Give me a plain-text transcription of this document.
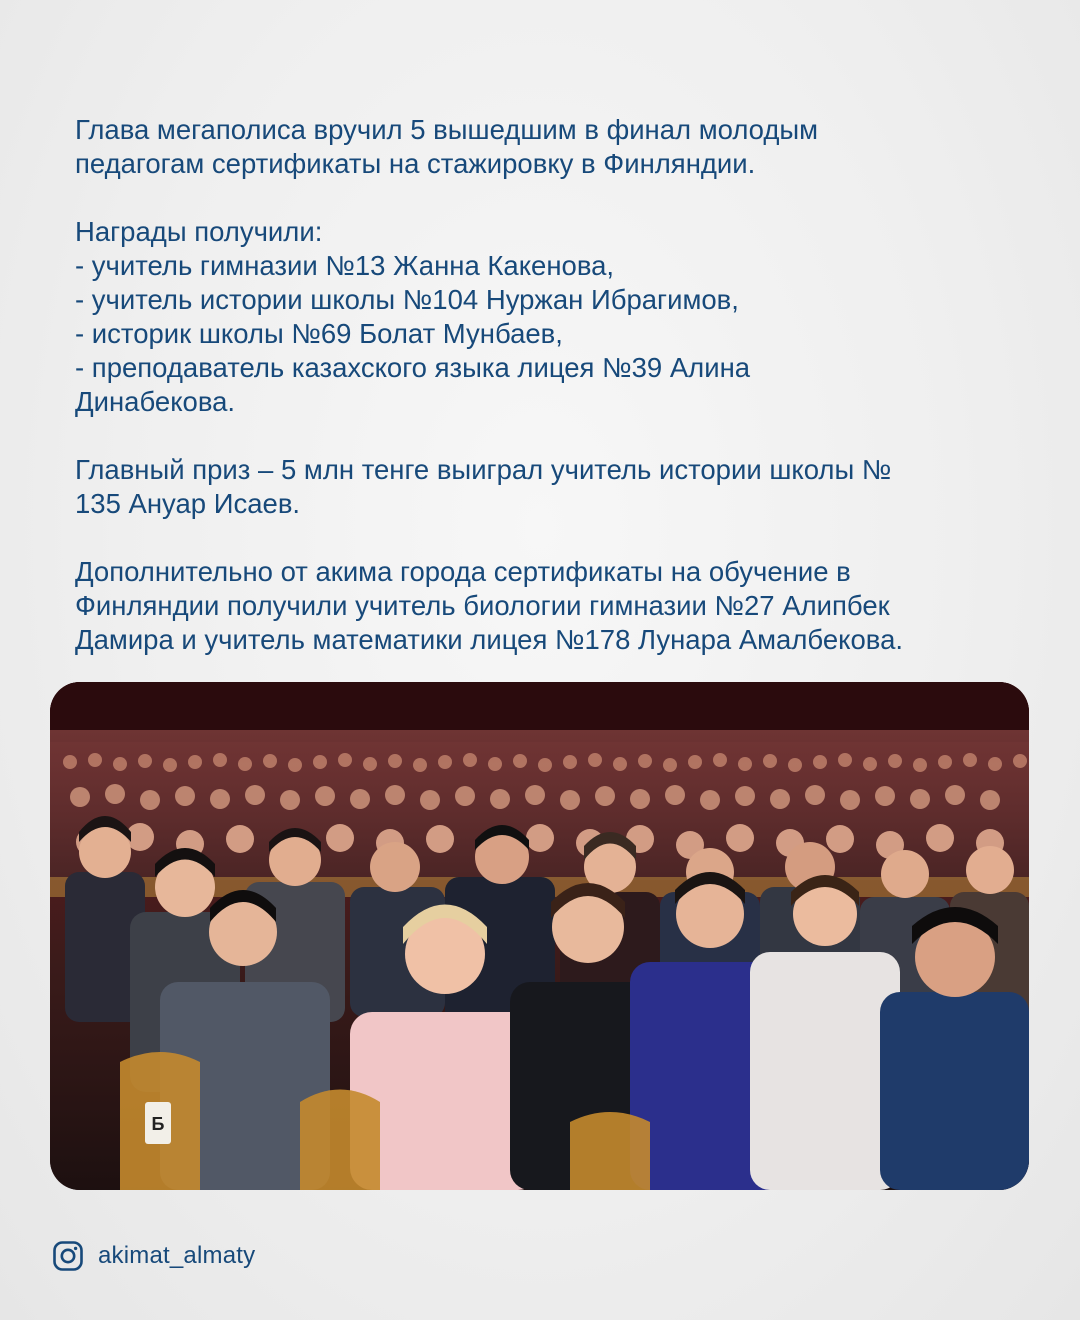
Глава мегаполиса вручил 5 вышедшим в финал молодым
педагогам сертификаты на стажировку в Финляндии.

Награды получили:
- учитель гимназии №13 Жанна Какенова,
- учитель истории школы №104 Нуржан Ибрагимов,
- историк школы №69 Болат Мунбаев,
- преподаватель казахского языка лицея №39 Алина
Динабекова.

Главный приз – 5 млн тенге выиграл учитель истории школы №
135 Ануар Исаев.

Дополнительно от акима города сертификаты на обучение в
Финляндии получили учитель биологии гимназии №27 Алипбек
Дамира и учитель математики лицея №178 Лунара Амалбекова.

Б
akimat_almaty
